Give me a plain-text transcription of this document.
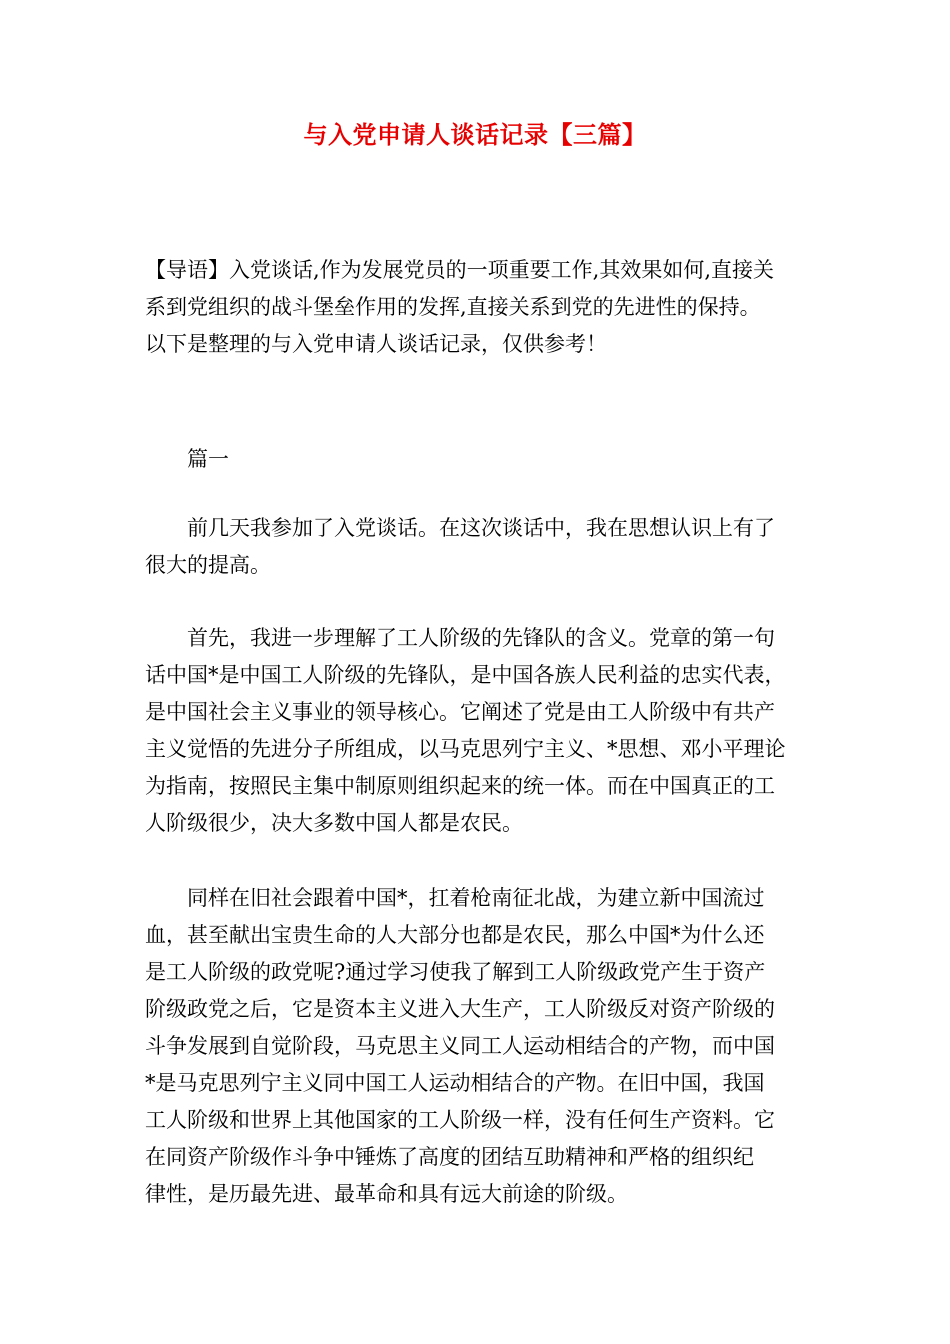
与入党申请人谈话记录【三篇】

【导语】入党谈话,作为发展党员的一项重要工作,其效果如何,直接关
系到党组织的战斗堡垒作用的发挥,直接关系到党的先进性的保持。
以下是整理的与入党申请人谈话记录，仅供参考！

　　篇一

　　前几天我参加了入党谈话。在这次谈话中，我在思想认识上有了
很大的提高。

　　首先，我进一步理解了工人阶级的先锋队的含义。党章的第一句
话中国*是中国工人阶级的先锋队，是中国各族人民利益的忠实代表，
是中国社会主义事业的领导核心。它阐述了党是由工人阶级中有共产
主义觉悟的先进分子所组成，以马克思列宁主义、*思想、邓小平理论
为指南，按照民主集中制原则组织起来的统一体。而在中国真正的工
人阶级很少，决大多数中国人都是农民。

　　同样在旧社会跟着中国*，扛着枪南征北战，为建立新中国流过
血，甚至献出宝贵生命的人大部分也都是农民，那么中国*为什么还
是工人阶级的政党呢?通过学习使我了解到工人阶级政党产生于资产
阶级政党之后，它是资本主义进入大生产，工人阶级反对资产阶级的
斗争发展到自觉阶段，马克思主义同工人运动相结合的产物，而中国
*是马克思列宁主义同中国工人运动相结合的产物。在旧中国，我国
工人阶级和世界上其他国家的工人阶级一样，没有任何生产资料。它
在同资产阶级作斗争中锤炼了高度的团结互助精神和严格的组织纪
律性，是历最先进、最革命和具有远大前途的阶级。
